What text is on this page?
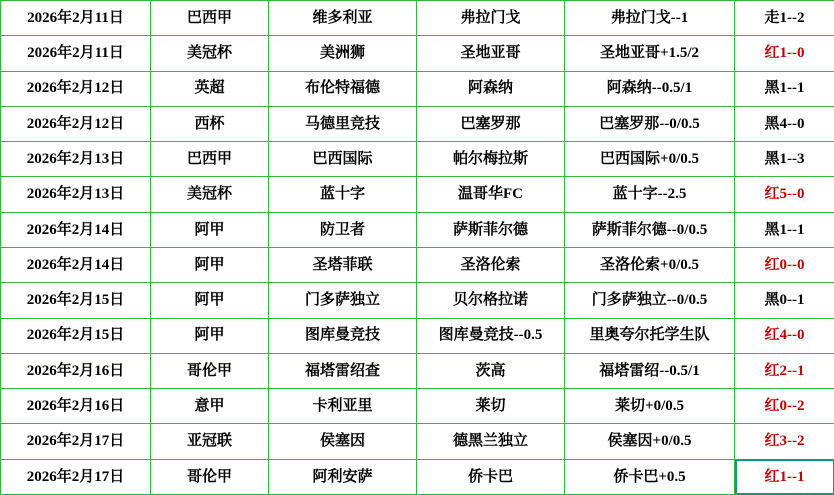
2026年2月11日	巴西甲	维多利亚	弗拉门戈	弗拉门戈--1	走1--2
2026年2月11日	美冠杯	美洲狮	圣地亚哥	圣地亚哥+1.5/2	红1--0
2026年2月12日	英超	布伦特福德	阿森纳	阿森纳--0.5/1	黑1--1
2026年2月12日	西杯	马德里竞技	巴塞罗那	巴塞罗那--0/0.5	黑4--0
2026年2月13日	巴西甲	巴西国际	帕尔梅拉斯	巴西国际+0/0.5	黑1--3
2026年2月13日	美冠杯	蓝十字	温哥华FC	蓝十字--2.5	红5--0
2026年2月14日	阿甲	防卫者	萨斯菲尔德	萨斯菲尔德--0/0.5	黑1--1
2026年2月14日	阿甲	圣塔菲联	圣洛伦索	圣洛伦索+0/0.5	红0--0
2026年2月15日	阿甲	门多萨独立	贝尔格拉诺	门多萨独立--0/0.5	黑0--1
2026年2月15日	阿甲	图库曼竞技	图库曼竞技--0.5	里奥夸尔托学生队	红4--0
2026年2月16日	哥伦甲	福塔雷绍查	茨高	福塔雷绍--0.5/1	红2--1
2026年2月16日	意甲	卡利亚里	莱切	莱切+0/0.5	红0--2
2026年2月17日	亚冠联	侯塞因	德黑兰独立	侯塞因+0/0.5	红3--2
2026年2月17日	哥伦甲	阿利安萨	侨卡巴	侨卡巴+0.5	红1--1
